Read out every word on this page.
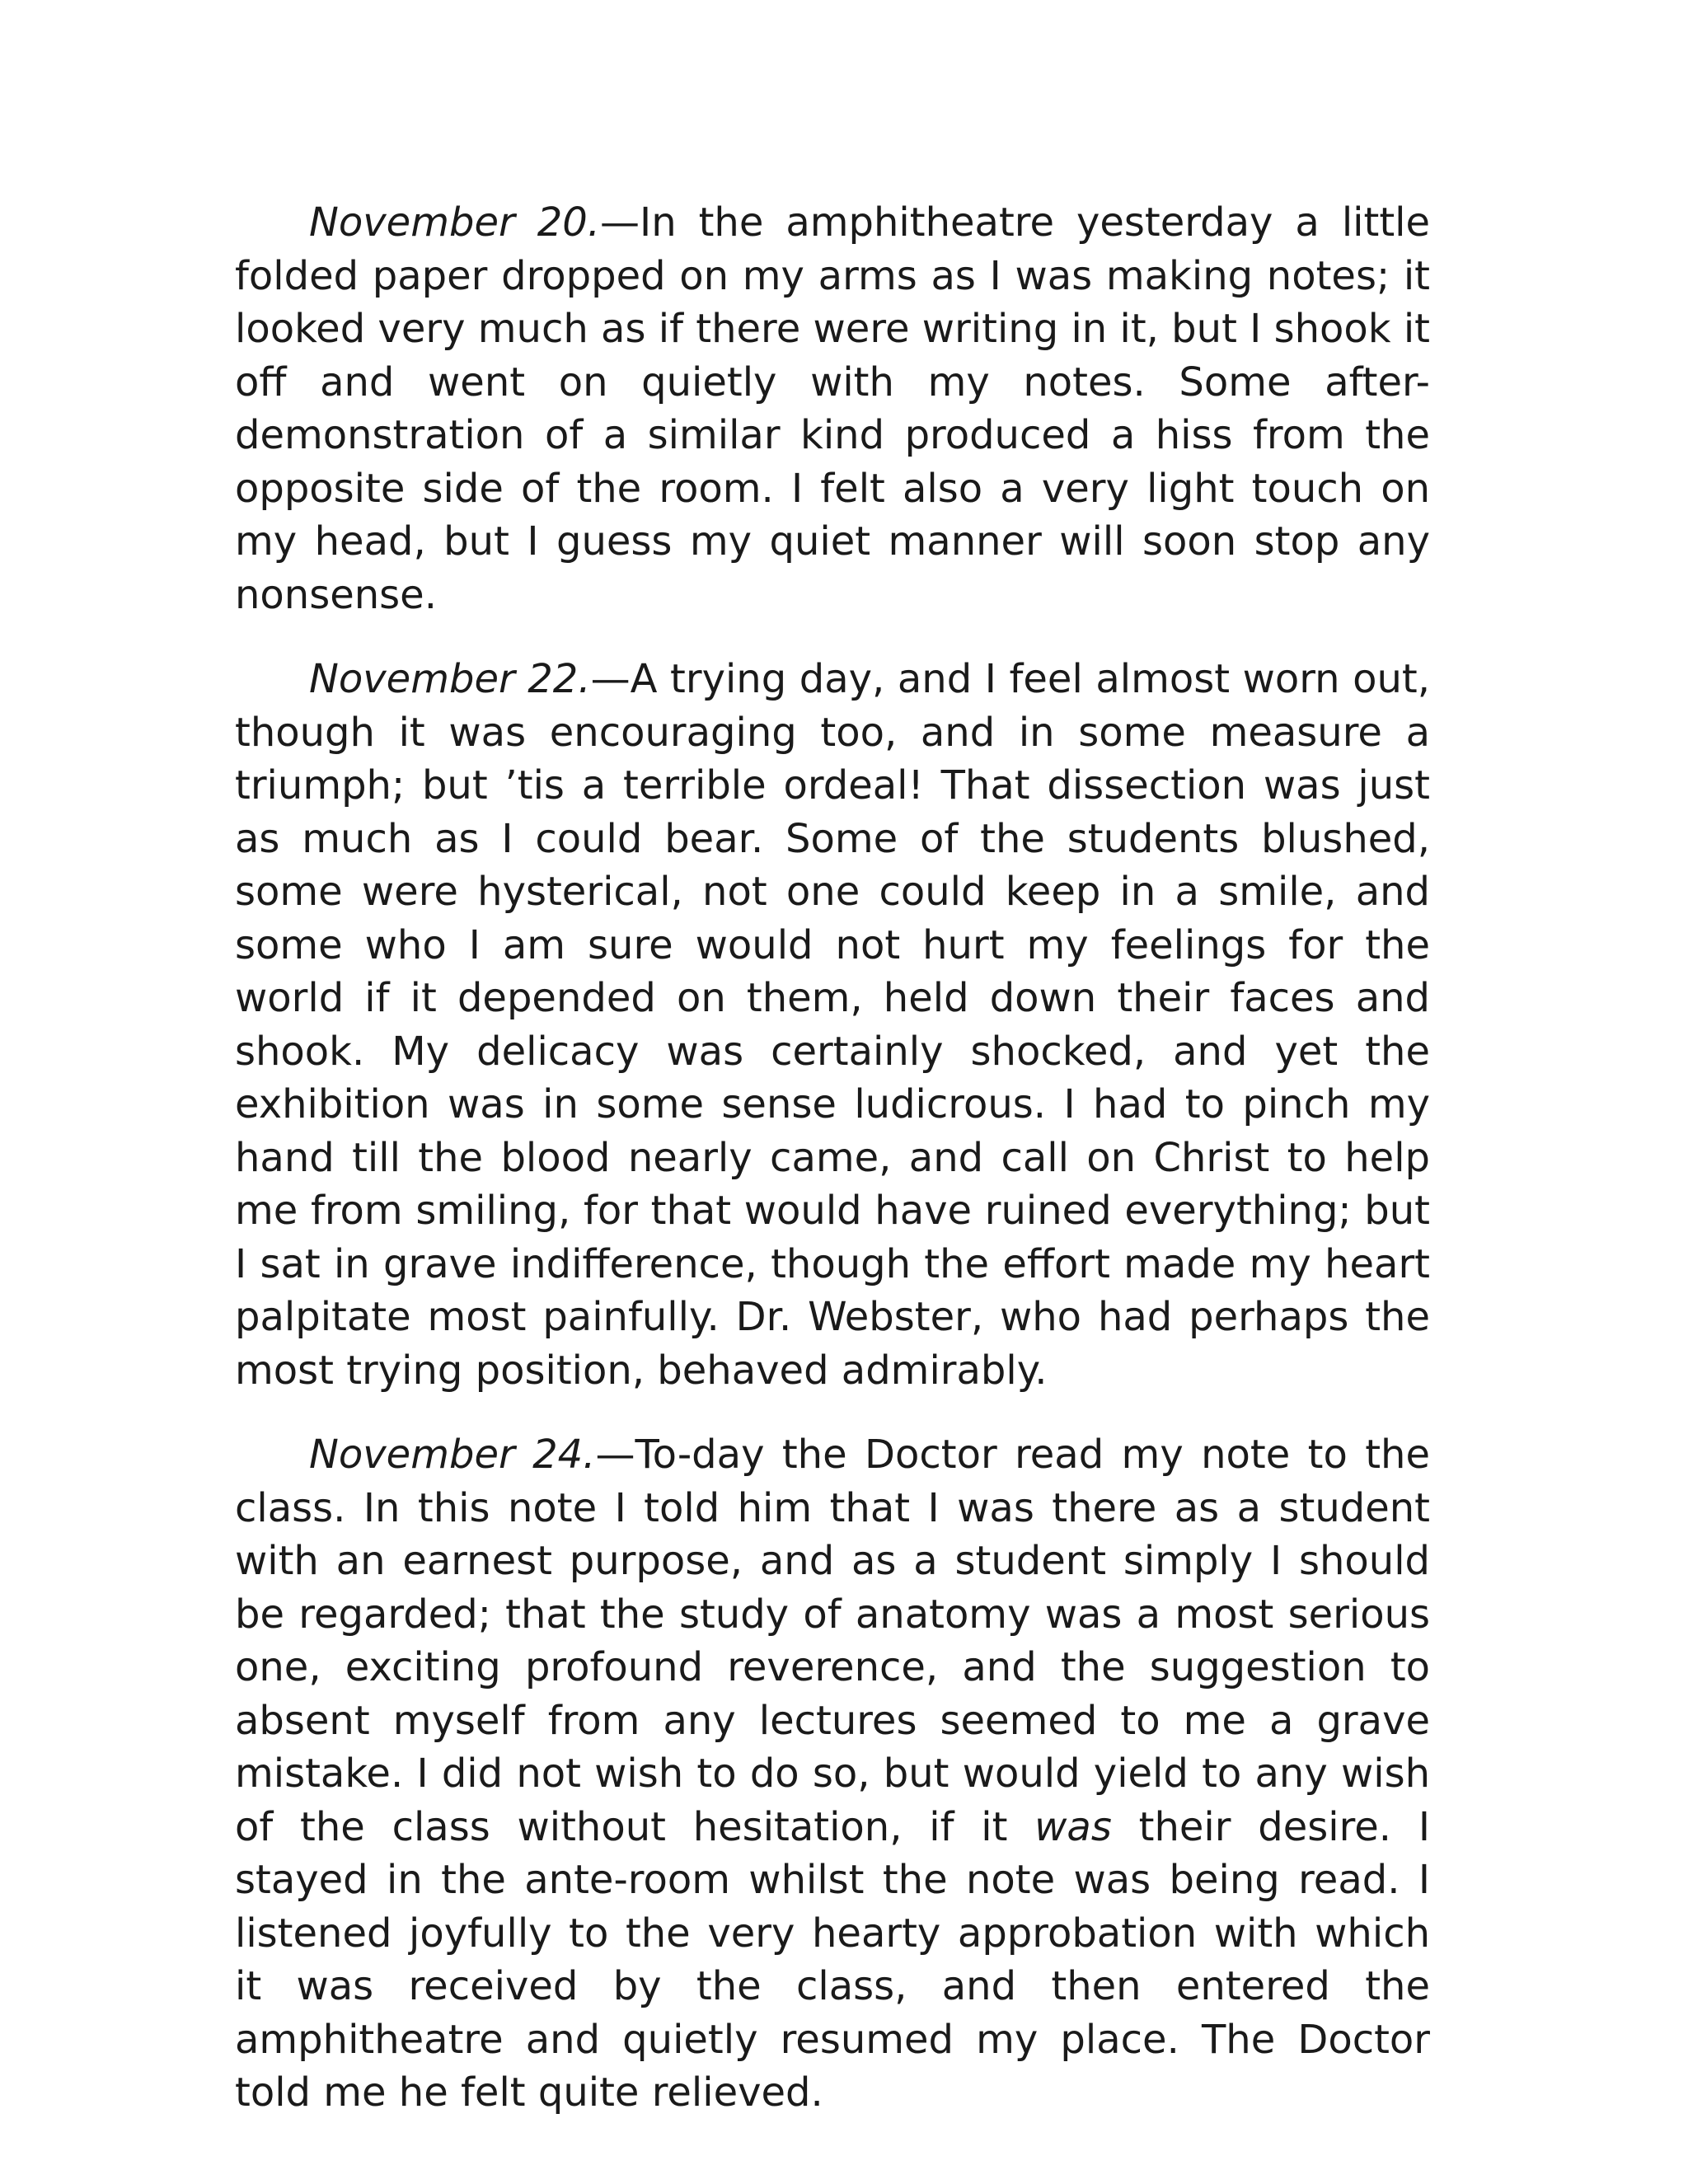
November 20.—In the amphitheatre yesterday a little folded paper dropped on my arms as I was making notes; it looked very much as if there were writing in it, but I shook it off and went on quietly with my notes. Some after-demonstration of a similar kind produced a hiss from the opposite side of the room. I felt also a very light touch on my head, but I guess my quiet manner will soon stop any nonsense.

November 22.—A trying day, and I feel almost worn out, though it was encouraging too, and in some measure a triumph; but ’tis a terrible ordeal! That dissection was just as much as I could bear. Some of the students blushed, some were hysterical, not one could keep in a smile, and some who I am sure would not hurt my feelings for the world if it depended on them, held down their faces and shook. My delicacy was certainly shocked, and yet the exhibition was in some sense ludicrous. I had to pinch my hand till the blood nearly came, and call on Christ to help me from smiling, for that would have ruined everything; but I sat in grave indifference, though the effort made my heart palpitate most painfully. Dr. Webster, who had perhaps the most trying position, behaved admirably.

November 24.—To-day the Doctor read my note to the class. In this note I told him that I was there as a student with an earnest purpose, and as a student simply I should be regarded; that the study of anatomy was a most serious one, exciting profound reverence, and the suggestion to absent myself from any lectures seemed to me a grave mistake. I did not wish to do so, but would yield to any wish of the class without hesitation, if it was their desire. I stayed in the ante-room whilst the note was being read. I listened joyfully to the very hearty approbation with which it was received by the class, and then entered the amphitheatre and quietly resumed my place. The Doctor told me he felt quite relieved.
